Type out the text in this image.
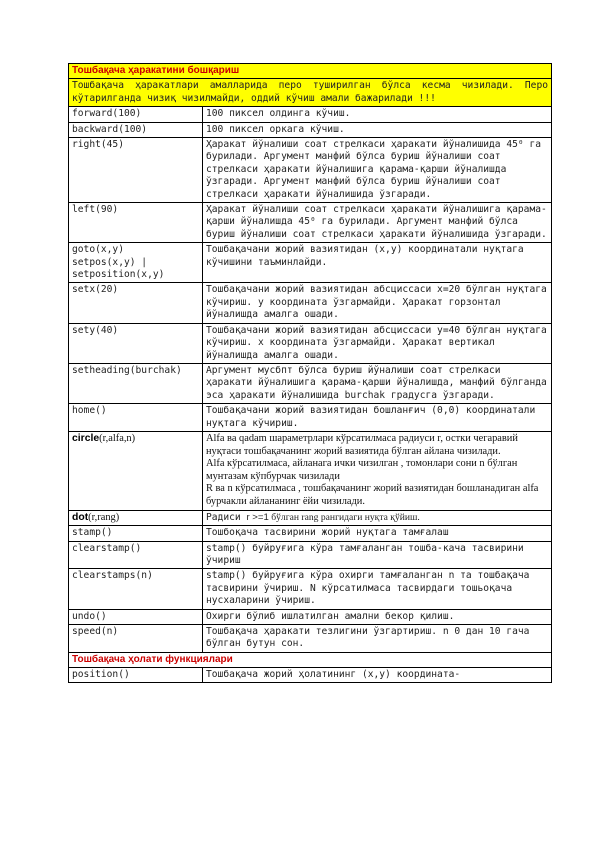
Тошбақача ҳаракатини бошқариш	
Тошбақача ҳаракатлари амалларида перо туширилган бўлса кесма чизилади. Перо кўтарилганда чизиқ чизилмайди, оддий кўчиш амали бажарилади !!!	
forward(100)	100 пиксел олдинга кўчиш.
backward(100)	100 пиксел оркага кўчиш.
right(45)	Ҳаракат йўналиши соат стрелкаси ҳаракати йўналишида 45⁰ га бурилади. Аргумент манфий бўлса буриш йўналиши соат стрелкаси ҳаракати йўналишига қарама-қарши йўналишда ўзгаради. Аргумент манфий бўлса буриш йўналиши соат стрелкаси ҳаракати йўналишида ўзгаради.
left(90)	Ҳаракат йўналиши соат стрелкаси ҳаракати йўналишига қарама-қарши йўналишда 45⁰ га бурилади. Аргумент манфий бўлса буриш йўналиши соат стрелкаси ҳаракати йўналишида ўзгаради.
goto(x,y)
setpos(x,y) |
setposition(x,y)	Тошбақачани жорий вазиятидан (x,y) координатали нуқтага кўчишини таъминлайди.
setx(20)	Тошбақачани жорий вазиятидан абсциссаси x=20 бўлган нуқтага кўчириш. y координата ўзгармайди. Ҳаракат горзонтал йўналишда амалга ошади.
sety(40)	Тошбақачани жорий вазиятидан абсциссаси y=40 бўлган нуқтага кўчириш. x координата ўзгармайди. Ҳаракат вертикал йўналишда амалга ошади.
setheading(burchak)	Аргумент мусбпт бўлса буриш йўналиши соат стрелкаси ҳаракати йўналишига қарама-қарши йўналишда, манфий бўлганда эса ҳаракати йўналишида burchak градусга ўзгаради.
home()	Тошбақачани жорий вазиятидан бошланғич (0,0) координатали нуқтага кўчириш.
circle(r,alfa,n)	Alfa ва qadam шараметрлари кўрсатилмаса радиуси r, остки чегаравий нуқтаси тошбақачанинг жорий вазиятида бўлган айлана чизилади.
Alfa кўрсатилмаса, айланага ички чизилган , томонлари сони n бўлган мунтазам кўпбурчак чизилади
R ва n кўрсатилмаса , тошбақачанинг жорий вазиятидан бошланадиган alfa бурчакли айлананинг ёйи чизилади.

dot(r,rang)	Радиси r >=1 бўлган rang рангидаги нуқта қўйиш.
stamp()	Тошбоқача тасвирини жорий нуқтага тамғалаш
clearstamp()	stamp() буйруғига кўра тамғаланган тошба-кача тасвирини ўчириш
clearstamps(n)	stamp() буйруғига кўра охирги тамғаланган n та тошбақача тасвирини ўчириш. N кўрсатилмаса тасвирдаги тошьоқача нусхаларини ўчириш.
undo()	Охирги бўлиб ишлатилган амални бекор қилиш.
speed(n)	Тошбақача ҳаракати тезлигини ўзгартириш. n 0 дан 10 гача бўлган бутун сон.
Тошбақача ҳолати функциялари	
position()	Тошбақача жорий ҳолатининг (x,y) координата-
